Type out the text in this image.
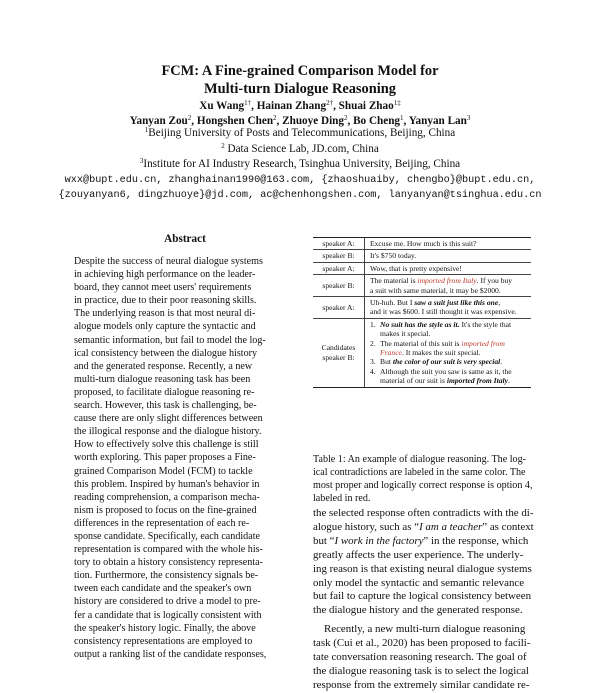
FCM: A Fine-grained Comparison Model for
Multi-turn Dialogue Reasoning
Xu Wang$^{1\dagger}$, Hainan Zhang$^{2\dagger}$, Shuai Zhao$^{1\ddagger}$
Yanyan Zou$^2$, Hongshen Chen$^2$, Zhuoye Ding$^2$, Bo Cheng$^1$, Yanyan Lan$^3$
$^1$Beijing University of Posts and Telecommunications, Beijing, China
$^2$ Data Science Lab, JD.com, China
$^3$Institute for AI Industry Research, Tsinghua University, Beijing, China
wxx@bupt.edu.cn, zhanghainan1990@163.com, {zhaoshuaiby, chengbo}@bupt.edu.cn,
{zouyanyan6, dingzhuoye}@jd.com, ac@chenhongshen.com, lanyanyan@tsinghua.edu.cn
Abstract
Despite the success of neural dialogue systems
in achieving high performance on the leader-
board, they cannot meet users' requirements
in practice, due to their poor reasoning skills.
The underlying reason is that most neural di-
alogue models only capture the syntactic and
semantic information, but fail to model the log-
ical consistency between the dialogue history
and the generated response. Recently, a new
multi-turn dialogue reasoning task has been
proposed, to facilitate dialogue reasoning re-
search. However, this task is challenging, be-
cause there are only slight differences between
the illogical response and the dialogue history.
How to effectively solve this challenge is still
worth exploring. This paper proposes a Fine-
grained Comparison Model (FCM) to tackle
this problem. Inspired by human's behavior in
reading comprehension, a comparison mecha-
nism is proposed to focus on the fine-grained
differences in the representation of each re-
sponse candidate. Specifically, each candidate
representation is compared with the whole his-
tory to obtain a history consistency representa-
tion. Furthermore, the consistency signals be-
tween each candidate and the speaker's own
history are considered to drive a model to pre-
fer a candidate that is logically consistent with
the speaker's history logic. Finally, the above
consistency representations are employed to
output a ranking list of the candidate responses,
speaker A:	Excuse me. How much is this suit?
speaker B:	It's $750 today.
speaker A:	Wow, that is pretty expensive!
speaker B:
The material is imported from Italy. If you buy
a suit with same material, it may be $2000.
speaker A:
Uh-huh. But I saw a suit just like this one,
and it was $600. I still thought it was expensive.
Candidates
speaker B:
1. No suit has the style as it. It's the style that
makes it special.
2. The material of this suit is imported from
France. It makes the suit special.
3. But the color of our suit is very special.
4. Although the suit you saw is same as it, the
material of our suit is imported from Italy.
Table 1: An example of dialogue reasoning. The log-
ical contradictions are labeled in the same color. The
most proper and logically correct response is option 4,
labeled in red.
the selected response often contradicts with the di-
alogue history, such as “I am a teacher” as context
but “I work in the factory” in the response, which
greatly affects the user experience. The underly-
ing reason is that existing neural dialogue systems
only model the syntactic and semantic relevance
but fail to capture the logical consistency between
the dialogue history and the generated response.
Recently, a new multi-turn dialogue reasoning
task (Cui et al., 2020) has been proposed to facili-
tate conversation reasoning research. The goal of
the dialogue reasoning task is to select the logical
response from the extremely similar candidate re-
